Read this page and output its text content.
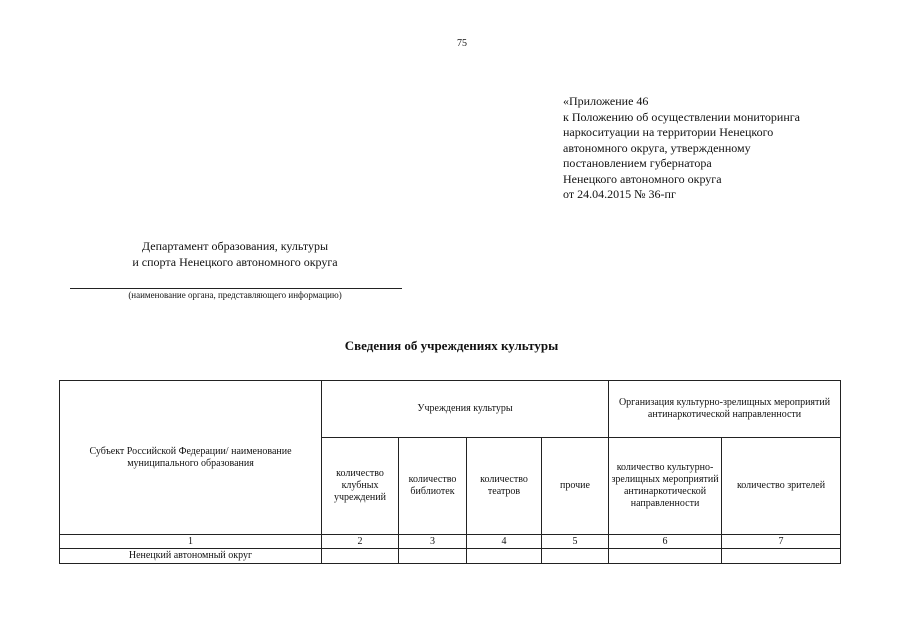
75
«Приложение 46
к Положению об осуществлении мониторинга
наркоситуации на территории Ненецкого
автономного округа, утвержденному
постановлением губернатора
Ненецкого автономного округа
от 24.04.2015 № 36-пг
Департамент образования, культуры
и спорта Ненецкого автономного округа
(наименование органа, представляющего информацию)
Сведения об учреждениях культуры
Субъект Российской Федерации/ наименование муниципального образования	Учреждения культуры				Организация культурно-зрелищных мероприятий антинаркотической направленности	
	количество клубных учреждений	количество библиотек	количество театров	прочие	количество культурно-зрелищных мероприятий антинаркотической направленности	количество зрителей
1	2	3	4	5	6	7
Ненецкий автономный округ						
